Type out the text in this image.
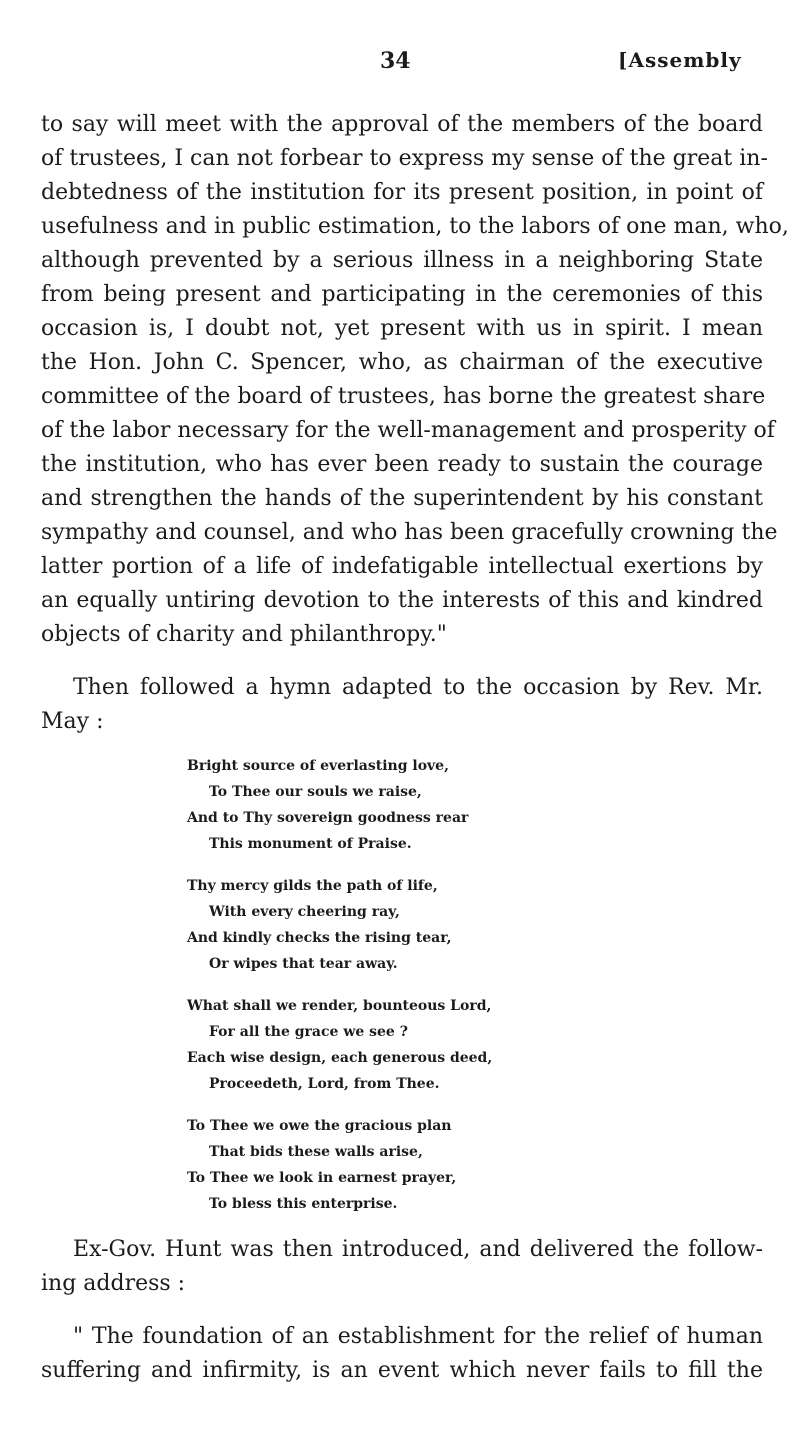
34	[Assembly
to say will meet with the approval of the members of the board
of trustees, I can not forbear to express my sense of the great in-
debtedness of the institution for its present position, in point of
usefulness and in public estimation, to the labors of one man, who,
although prevented by a serious illness in a neighboring State
from being present and participating in the ceremonies of this
occasion is, I doubt not, yet present with us in spirit. I mean
the Hon. John C. Spencer, who, as chairman of the executive
committee of the board of trustees, has borne the greatest share
of the labor necessary for the well-management and prosperity of
the institution, who has ever been ready to sustain the courage
and strengthen the hands of the superintendent by his constant
sympathy and counsel, and who has been gracefully crowning the
latter portion of a life of indefatigable intellectual exertions by
an equally untiring devotion to the interests of this and kindred
objects of charity and philanthropy."
Then followed a hymn adapted to the occasion by Rev. Mr.
May :
Bright source of everlasting love,
To Thee our souls we raise,
And to Thy sovereign goodness rear
This monument of Praise.
Thy mercy gilds the path of life,
With every cheering ray,
And kindly checks the rising tear,
Or wipes that tear away.
What shall we render, bounteous Lord,
For all the grace we see ?
Each wise design, each generous deed,
Proceedeth, Lord, from Thee.
To Thee we owe the gracious plan
That bids these walls arise,
To Thee we look in earnest prayer,
To bless this enterprise.
Ex-Gov. Hunt was then introduced, and delivered the follow-
ing address :
" The foundation of an establishment for the relief of human
suffering and infirmity, is an event which never fails to fill the
